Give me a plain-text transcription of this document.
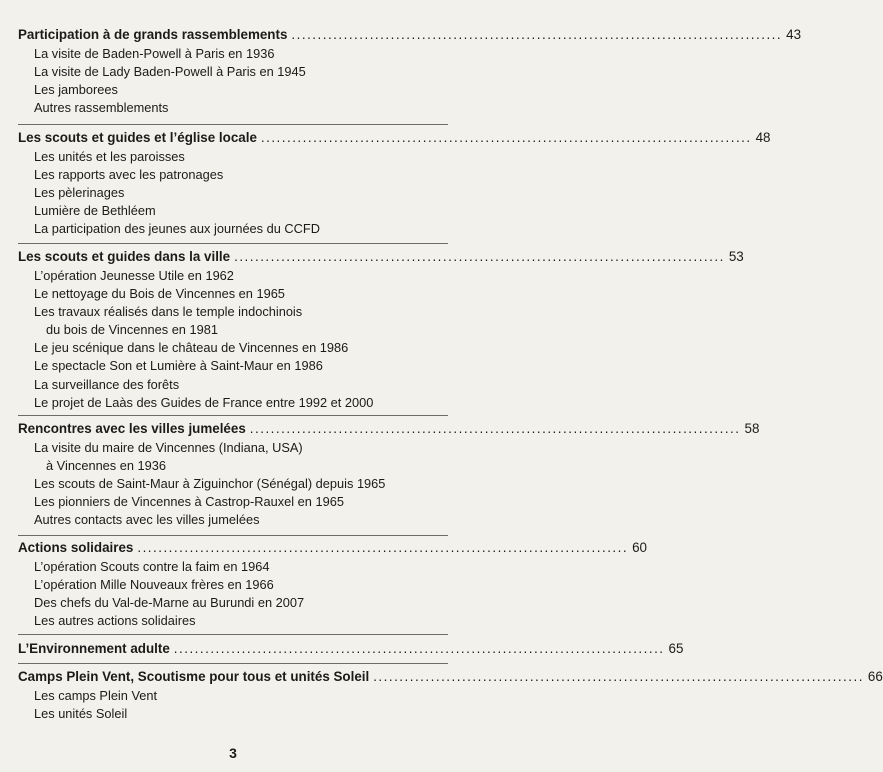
Participation à de grands rassemblements .............................................................................................. 43
La visite de Baden-Powell à Paris en 1936
La visite de Lady Baden-Powell à Paris en 1945
Les jamborees
Autres rassemblements
Les scouts et guides et l’église locale .............................................................................................. 48
Les unités et les paroisses
Les rapports avec les patronages
Les pèlerinages
Lumière de Bethléem
La participation des jeunes aux journées du CCFD
Les scouts et guides dans la ville .............................................................................................. 53
L’opération Jeunesse Utile en 1962
Le nettoyage du Bois de Vincennes en 1965
Les travaux réalisés dans le temple indochinois
du bois de Vincennes en 1981
Le jeu scénique dans le château de Vincennes en 1986
Le spectacle Son et Lumière à Saint-Maur en 1986
La surveillance des forêts
Le projet de Laàs des Guides de France entre 1992 et 2000
Rencontres avec les villes jumelées .............................................................................................. 58
La visite du maire de Vincennes (Indiana, USA)
à Vincennes en 1936
Les scouts de Saint-Maur à Ziguinchor (Sénégal) depuis 1965
Les pionniers de Vincennes à Castrop-Rauxel en 1965
Autres contacts avec les villes jumelées
Actions solidaires .............................................................................................. 60
L’opération Scouts contre la faim en 1964
L’opération Mille Nouveaux frères en 1966
Des chefs du Val-de-Marne au Burundi en 2007
Les autres actions solidaires
L’Environnement adulte .............................................................................................. 65
Camps Plein Vent, Scoutisme pour tous et unités Soleil .............................................................................................. 66
Les camps Plein Vent
Les unités Soleil
3
